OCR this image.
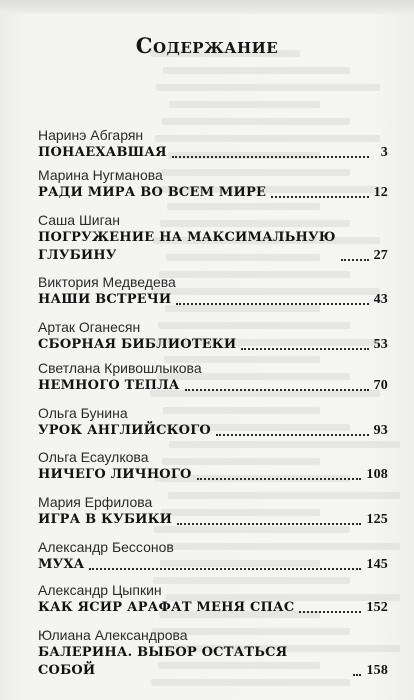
Содержание
Наринэ Абгарян
ПОНАЕХАВШАЯ	3
Марина Нугманова
РАДИ МИРА ВО ВСЕМ МИРЕ	12
Саша Шиган
ПОГРУЖЕНИЕ НА МАКСИМАЛЬНУЮ
ГЛУБИНУ	27
Виктория Медведева
НАШИ ВСТРЕЧИ	43
Артак Оганесян
СБОРНАЯ БИБЛИОТЕКИ	53
Светлана Кривошлыкова
НЕМНОГО ТЕПЛА	70
Ольга Бунина
УРОК АНГЛИЙСКОГО	93
Ольга Есаулкова
НИЧЕГО ЛИЧНОГО	108
Мария Ерфилова
ИГРА В КУБИКИ	125
Александр Бессонов
МУХА	145
Александр Цыпкин
КАК ЯСИР АРАФАТ МЕНЯ СПАС	152
Юлиана Александрова
БАЛЕРИНА. ВЫБОР ОСТАТЬСЯ СОБОЙ	158
